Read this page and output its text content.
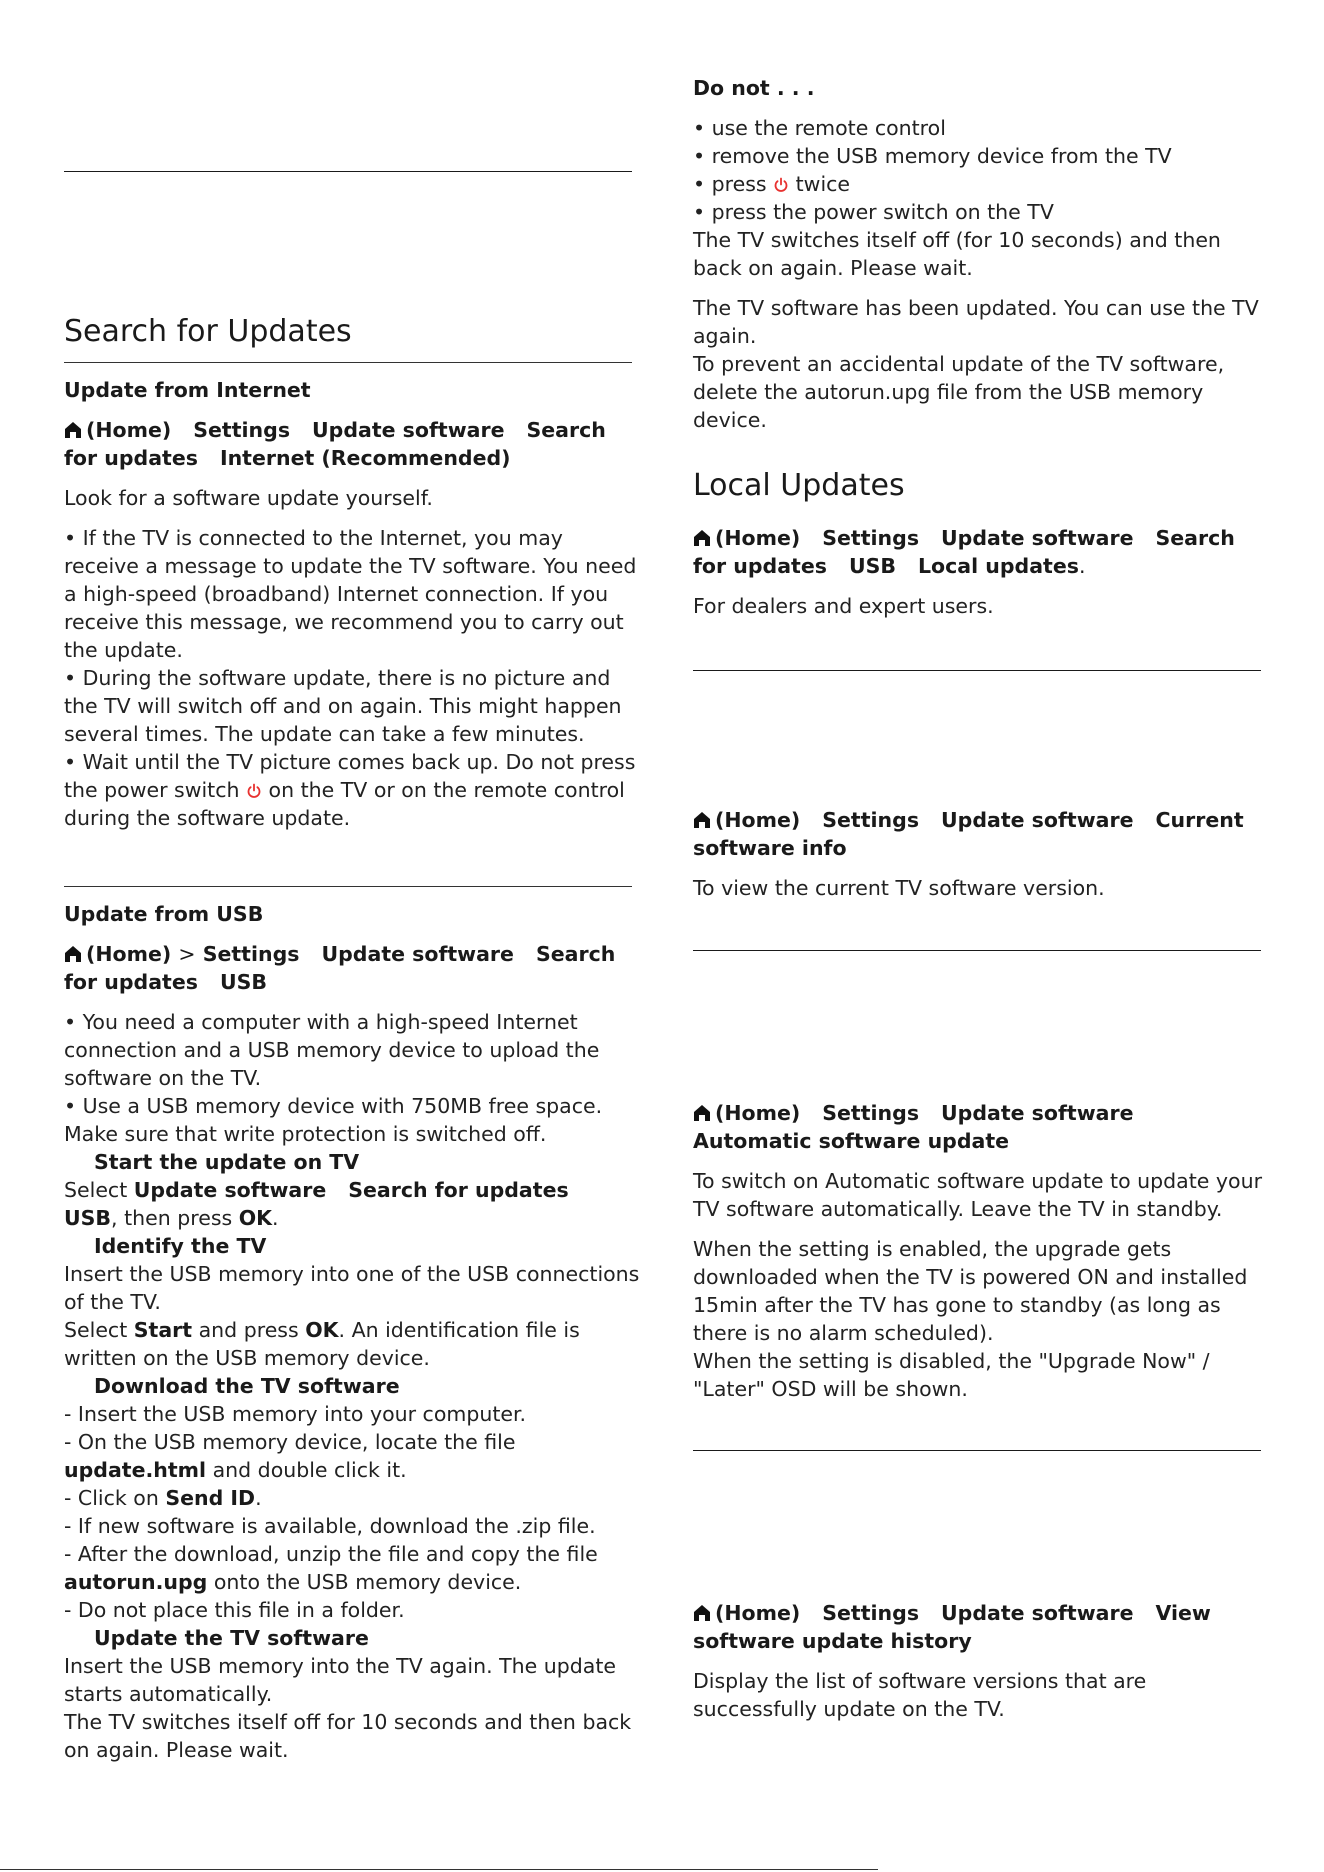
Search for Updates

Update from Internet

(Home) Settings Update software Search for updates Internet (Recommended)

Look for a software update yourself.

• If the TV is connected to the Internet, you may receive a message to update the TV software. You need a high-speed (broadband) Internet connection. If you receive this message, we recommend you to carry out the update.

• During the software update, there is no picture and the TV will switch off and on again. This might happen several times. The update can take a few minutes.

• Wait until the TV picture comes back up. Do not press the power switch on the TV or on the remote control during the software update.

Update from USB

(Home) > Settings Update software Search for updates USB

• You need a computer with a high-speed Internet connection and a USB memory device to upload the software on the TV.

• Use a USB memory device with 750MB free space. Make sure that write protection is switched off.

Start the update on TV

Select Update software Search for updatesUSB, then press OK.

Identify the TV

Insert the USB memory into one of the USB connections of the TV.

Select Start and press OK. An identification file is written on the USB memory device.

Download the TV software

- Insert the USB memory into your computer.

- On the USB memory device, locate the file update.html and double click it.

- Click on Send ID.

- If new software is available, download the .zip file.

- After the download, unzip the file and copy the file autorun.upg onto the USB memory device.

- Do not place this file in a folder.

Update the TV software

Insert the USB memory into the TV again. The update starts automatically.

The TV switches itself off for 10 seconds and then back on again. Please wait.

Do not . . .

• use the remote control

• remove the USB memory device from the TV

• press twice

• press the power switch on the TV

The TV switches itself off (for 10 seconds) and then back on again. Please wait.

The TV software has been updated. You can use the TV again.

To prevent an accidental update of the TV software, delete the autorun.upg file from the USB memory device.

Local Updates

(Home) Settings Update software Search for updates USB Local updates.

For dealers and expert users.

(Home) Settings Update software Current software info

To view the current TV software version.

(Home) Settings Update softwareAutomatic software update

To switch on Automatic software update to update your TV software automatically. Leave the TV in standby.

When the setting is enabled, the upgrade gets downloaded when the TV is powered ON and installed 15min after the TV has gone to standby (as long as there is no alarm scheduled).

When the setting is disabled, the "Upgrade Now" / "Later" OSD will be shown.

(Home) Settings Update software View software update history

Display the list of software versions that are successfully update on the TV.
